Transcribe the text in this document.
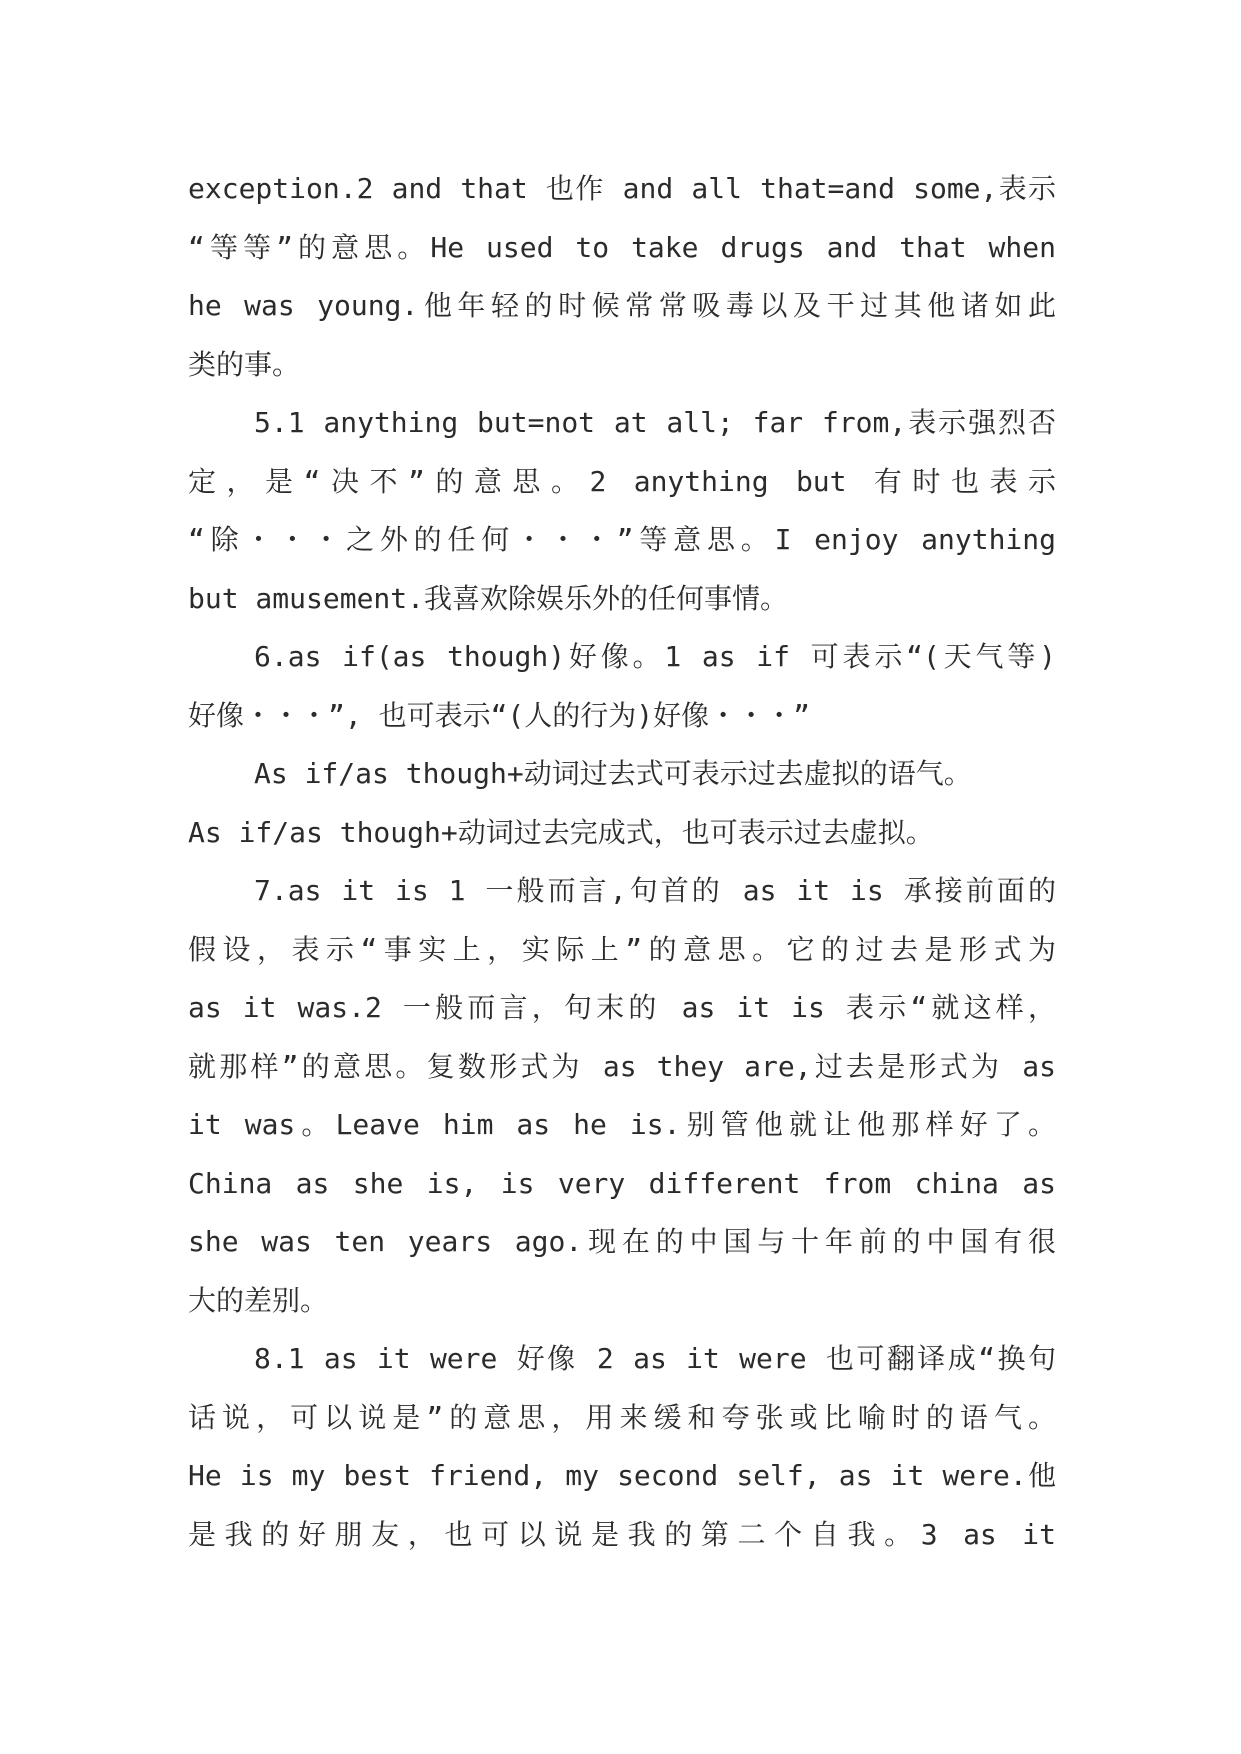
exception.2 and that 也作 and all that=and some,表示
“等等”的意思。He used to take drugs and that when
he was young.他年轻的时候常常吸毒以及干过其他诸如此
类的事。
5.1 anything but=not at all; far from,表示强烈否
定，是“决不”的意思。2 anything but 有时也表示
“除・・・之外的任何・・・”等意思。I enjoy anything
but amusement.我喜欢除娱乐外的任何事情。
6.as if(as though)好像。1 as if 可表示“(天气等)
好像・・・”, 也可表示“(人的行为)好像・・・”
As if/as though+动词过去式可表示过去虚拟的语气。
As if/as though+动词过去完成式，也可表示过去虚拟。
7.as it is 1 一般而言,句首的 as it is 承接前面的
假设，表示“事实上，实际上”的意思。它的过去是形式为
as it was.2 一般而言，句末的 as it is 表示“就这样，
就那样”的意思。复数形式为 as they are,过去是形式为 as
it was。Leave him as he is.别管他就让他那样好了。
China as she is, is very different from china as
she was ten years ago.现在的中国与十年前的中国有很
大的差别。
8.1 as it were 好像 2 as it were 也可翻译成“换句
话说，可以说是”的意思，用来缓和夸张或比喻时的语气。
He is my best friend, my second self, as it were.他
是我的好朋友，也可以说是我的第二个自我。3 as it
